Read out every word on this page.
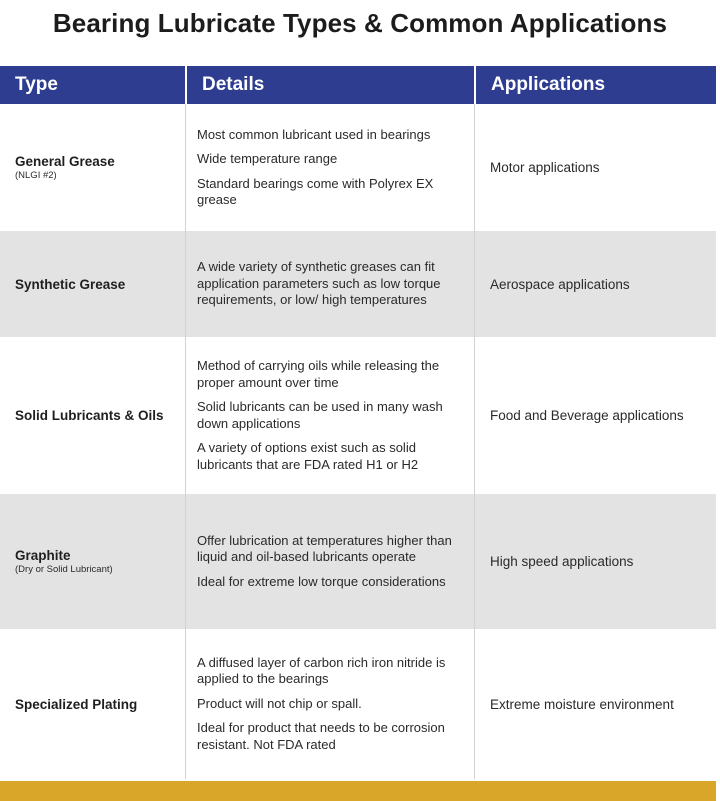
Bearing Lubricate Types & Common Applications
Type	Details	Applications
General Grease
(NLGI #2)

Most common lubricant used in bearings

Wide temperature range

Standard bearings come with Polyrex EX grease

Motor applications
Synthetic Grease

A wide variety of synthetic greases can fit application parameters such as low torque requirements, or low/ high temperatures

Aerospace applications
Solid Lubricants & Oils

Method of carrying oils while releasing the proper amount over time

Solid lubricants can be used in many wash down applications

A variety of options exist such as solid lubricants that are FDA rated H1 or H2

Food and Beverage applications
Graphite
(Dry or Solid Lubricant)

Offer lubrication at temperatures higher than liquid and oil-based lubricants operate

Ideal for extreme low torque considerations

High speed applications
Specialized Plating

A diffused layer of carbon rich iron nitride is applied to the bearings

Product will not chip or spall.

Ideal for product that needs to be corrosion resistant. Not FDA rated

Extreme moisture environment
